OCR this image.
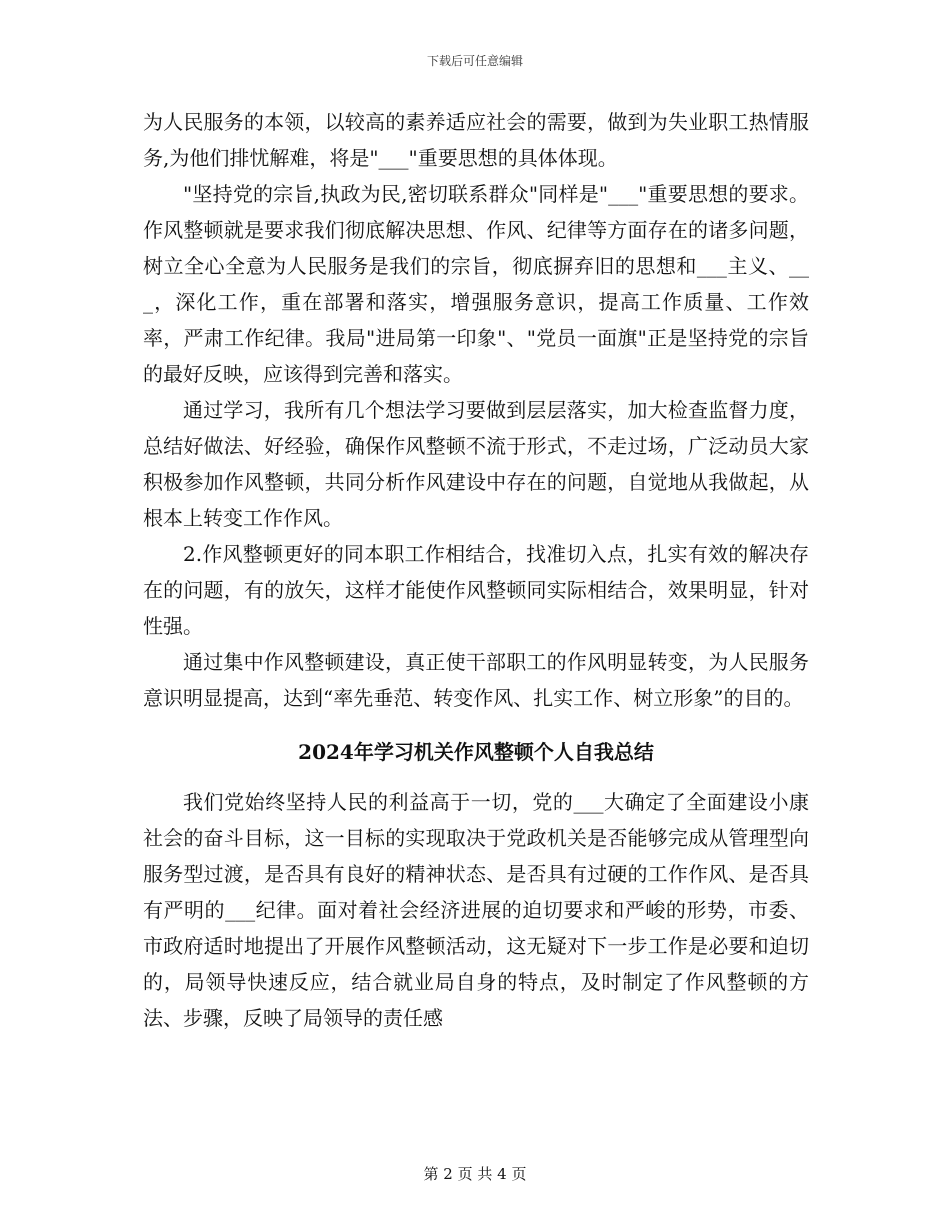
下载后可任意编辑

为人民服务的本领，以较高的素养适应社会的需要，做到为失业职工热情服务,为他们排忧解难，将是"___"重要思想的具体体现。

"坚持党的宗旨,执政为民,密切联系群众"同样是"___"重要思想的要求。作风整顿就是要求我们彻底解决思想、作风、纪律等方面存在的诸多问题，树立全心全意为人民服务是我们的宗旨，彻底摒弃旧的思想和___主义、___，深化工作，重在部署和落实，增强服务意识，提高工作质量、工作效率，严肃工作纪律。我局"进局第一印象"、"党员一面旗"正是坚持党的宗旨的最好反映，应该得到完善和落实。

通过学习，我所有几个想法学习要做到层层落实，加大检查监督力度，总结好做法、好经验，确保作风整顿不流于形式，不走过场，广泛动员大家积极参加作风整顿，共同分析作风建设中存在的问题，自觉地从我做起，从根本上转变工作作风。

2.作风整顿更好的同本职工作相结合，找准切入点，扎实有效的解决存在的问题，有的放矢，这样才能使作风整顿同实际相结合，效果明显，针对性强。

通过集中作风整顿建设，真正使干部职工的作风明显转变，为人民服务意识明显提高，达到“率先垂范、转变作风、扎实工作、树立形象”的目的。

2024年学习机关作风整顿个人自我总结

我们党始终坚持人民的利益高于一切，党的___大确定了全面建设小康社会的奋斗目标，这一目标的实现取决于党政机关是否能够完成从管理型向服务型过渡，是否具有良好的精神状态、是否具有过硬的工作作风、是否具有严明的___纪律。面对着社会经济进展的迫切要求和严峻的形势，市委、市政府适时地提出了开展作风整顿活动，这无疑对下一步工作是必要和迫切的，局领导快速反应，结合就业局自身的特点，及时制定了作风整顿的方法、步骤，反映了局领导的责任感

第 2 页 共 4 页
